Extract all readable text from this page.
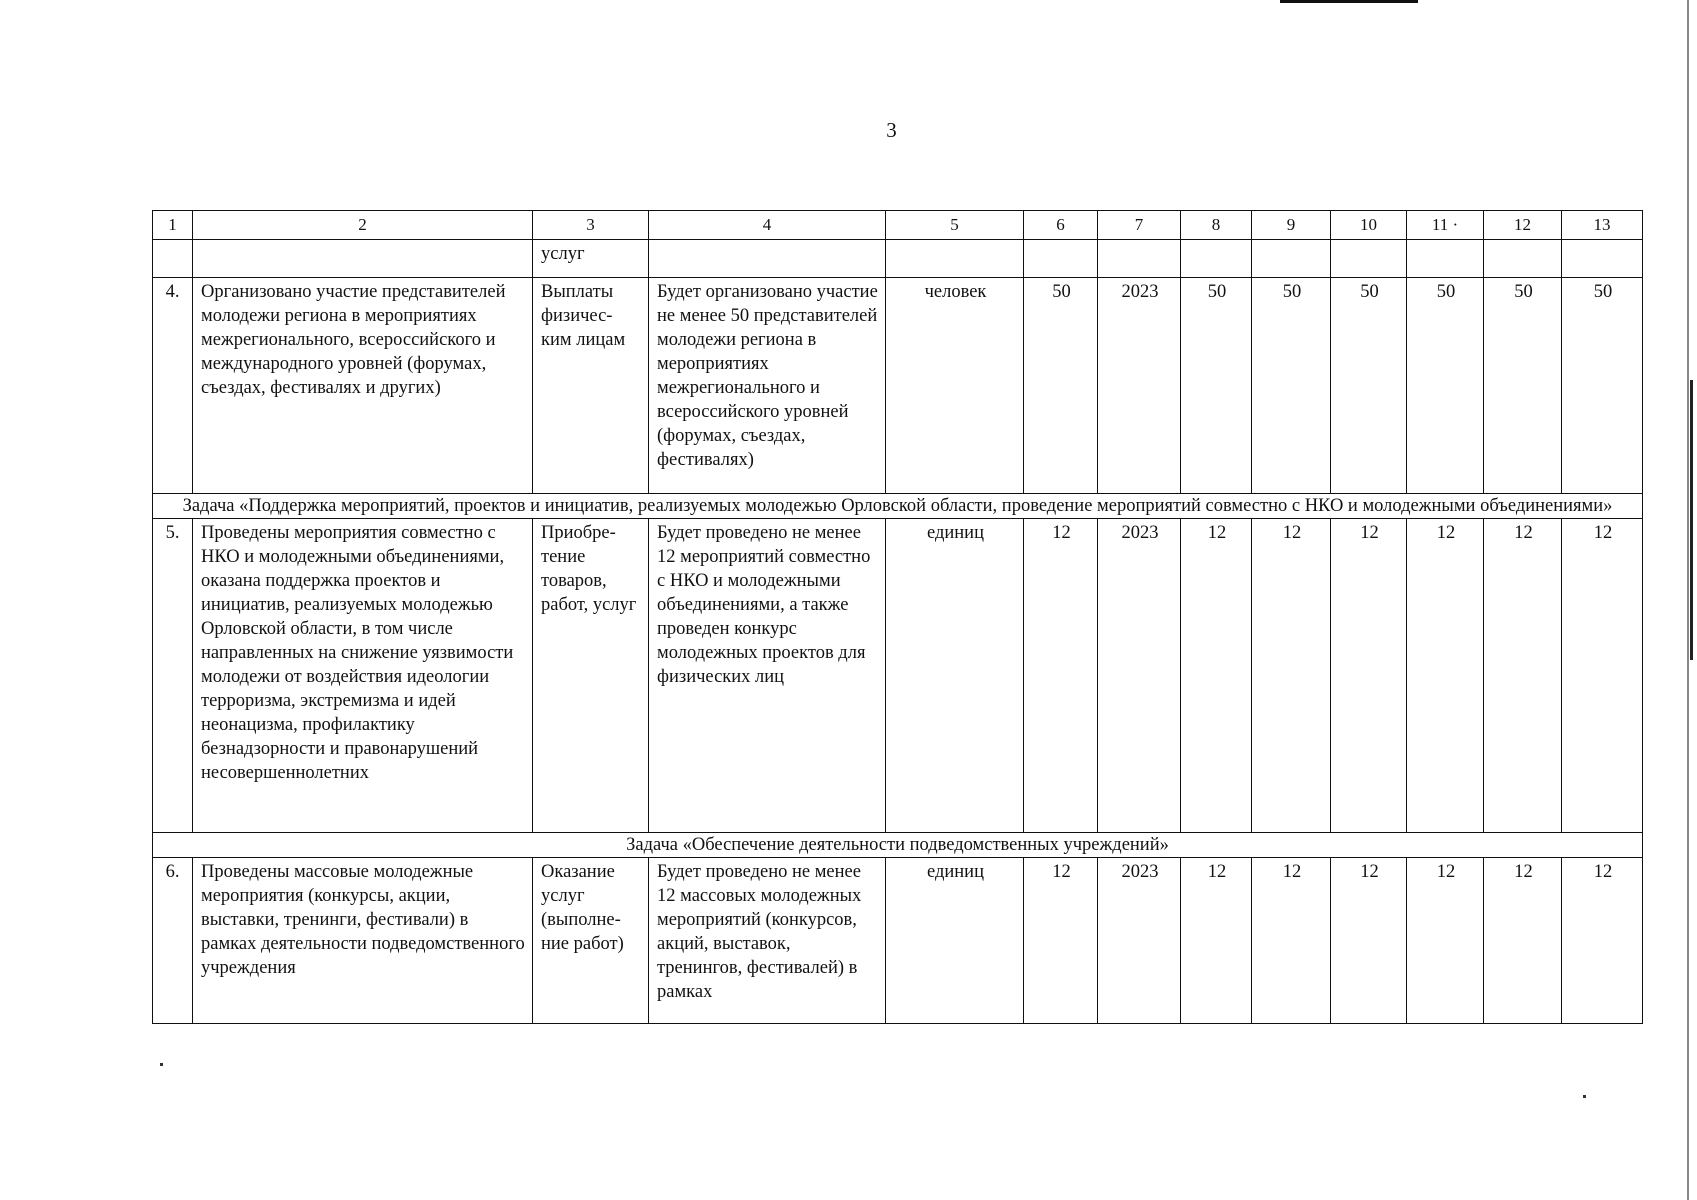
3
1	2	3	4	5	6	7	8	9	10	11 ·	12	13
		услуг										
4.	Организовано участие представителей молодежи региона в мероприятиях межрегионального, всероссийского и международного уровней (форумах, съездах, фестивалях и других)	Выплаты физичес-ким лицам	Будет организовано участие не менее 50 представителей молодежи региона в мероприятиях межрегионального и всероссийского уровней (форумах, съездах, фестивалях)	человек	50	2023	50	50	50	50	50	50
Задача «Поддержка мероприятий, проектов и инициатив, реализуемых молодежью Орловской области, проведение мероприятий совместно с НКО и молодежными объединениями»												
5.	Проведены мероприятия совместно с НКО и молодежными объединениями, оказана поддержка проектов и инициатив, реализуемых молодежью Орловской области, в том числе направленных на снижение уязвимости молодежи от воздействия идеологии терроризма, экстремизма и идей неонацизма, профилактику безнадзорности и правонарушений несовершеннолетних	Приобре-тение товаров, работ, услуг	Будет проведено не менее 12 мероприятий совместно с НКО и молодежными объединениями, а также проведен конкурс молодежных проектов для физических лиц	единиц	12	2023	12	12	12	12	12	12
Задача «Обеспечение деятельности подведомственных учреждений»												
6.	Проведены массовые молодежные мероприятия (конкурсы, акции, выставки, тренинги, фестивали) в рамках деятельности подведомственного учреждения	Оказание услуг (выполне-ние работ)	Будет проведено не менее 12 массовых молодежных мероприятий (конкурсов, акций, выставок, тренингов, фестивалей) в рамках	единиц	12	2023	12	12	12	12	12	12
